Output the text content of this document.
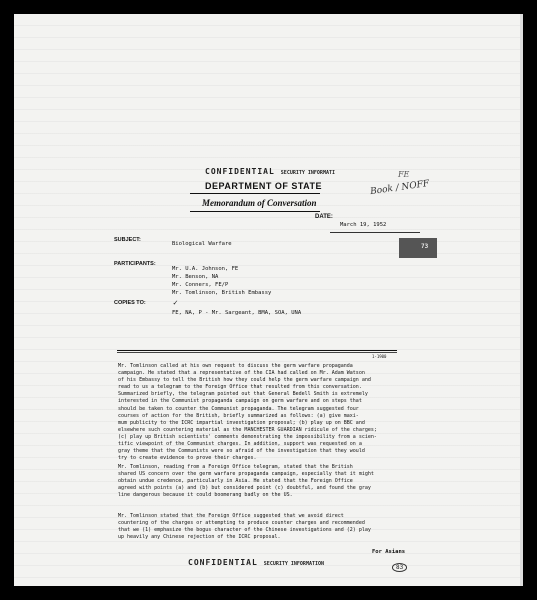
CONFIDENTIAL SECURITY INFORMATI
DEPARTMENT OF STATE
Memorandum of Conversation
Book / NOFF
FE
DATE:
March 19, 1952
SUBJECT:
Biological Warfare	73
PARTICIPANTS:
Mr. U.A. Johnson, FE
Mr. Benson, NA
Mr. Conners, FE/P
Mr. Tomlinson, British Embassy
COPIES TO:	✓
FE, NA, P - Mr. Sargeant, BMA, SOA, UNA
1-1900
Mr. Tomlinson called at his own request to discuss the germ warfare propaganda
campaign. He stated that a representative of the CIA had called on Mr. Adam Watson
of his Embassy to tell the British how they could help the germ warfare campaign and
read to us a telegram to the Foreign Office that resulted from this conversation.
Summarized briefly, the telegram pointed out that General Bedell Smith is extremely
interested in the Communist propaganda campaign on germ warfare and on steps that
should be taken to counter the Communist propaganda. The telegram suggested four
courses of action for the British, briefly summarized as follows: (a) give maxi-
mum publicity to the ICRC impartial investigation proposal; (b) play up on BBC and
elsewhere such countering material as the MANCHESTER GUARDIAN ridicule of the charges;
(c) play up British scientists' comments demonstrating the impossibility from a scien-
tific viewpoint of the Communist charges. In addition, support was requested on a
gray theme that the Communists were so afraid of the investigation that they would
try to create evidence to prove their charges.
Mr. Tomlinson, reading from a Foreign Office telegram, stated that the British
shared US concern over the germ warfare propaganda campaign, especially that it might
obtain undue credence, particularly in Asia. He stated that the Foreign Office
agreed with points (a) and (b) but considered point (c) doubtful, and found the gray
line dangerous because it could boomerang badly on the US.
Mr. Tomlinson stated that the Foreign Office suggested that we avoid direct
countering of the charges or attempting to produce counter charges and recommended
that we (1) emphasize the bogus character of the Chinese investigations and (2) play
up heavily any Chinese rejection of the ICRC proposal.
For Asians
CONFIDENTIAL SECURITY INFORMATION	83
